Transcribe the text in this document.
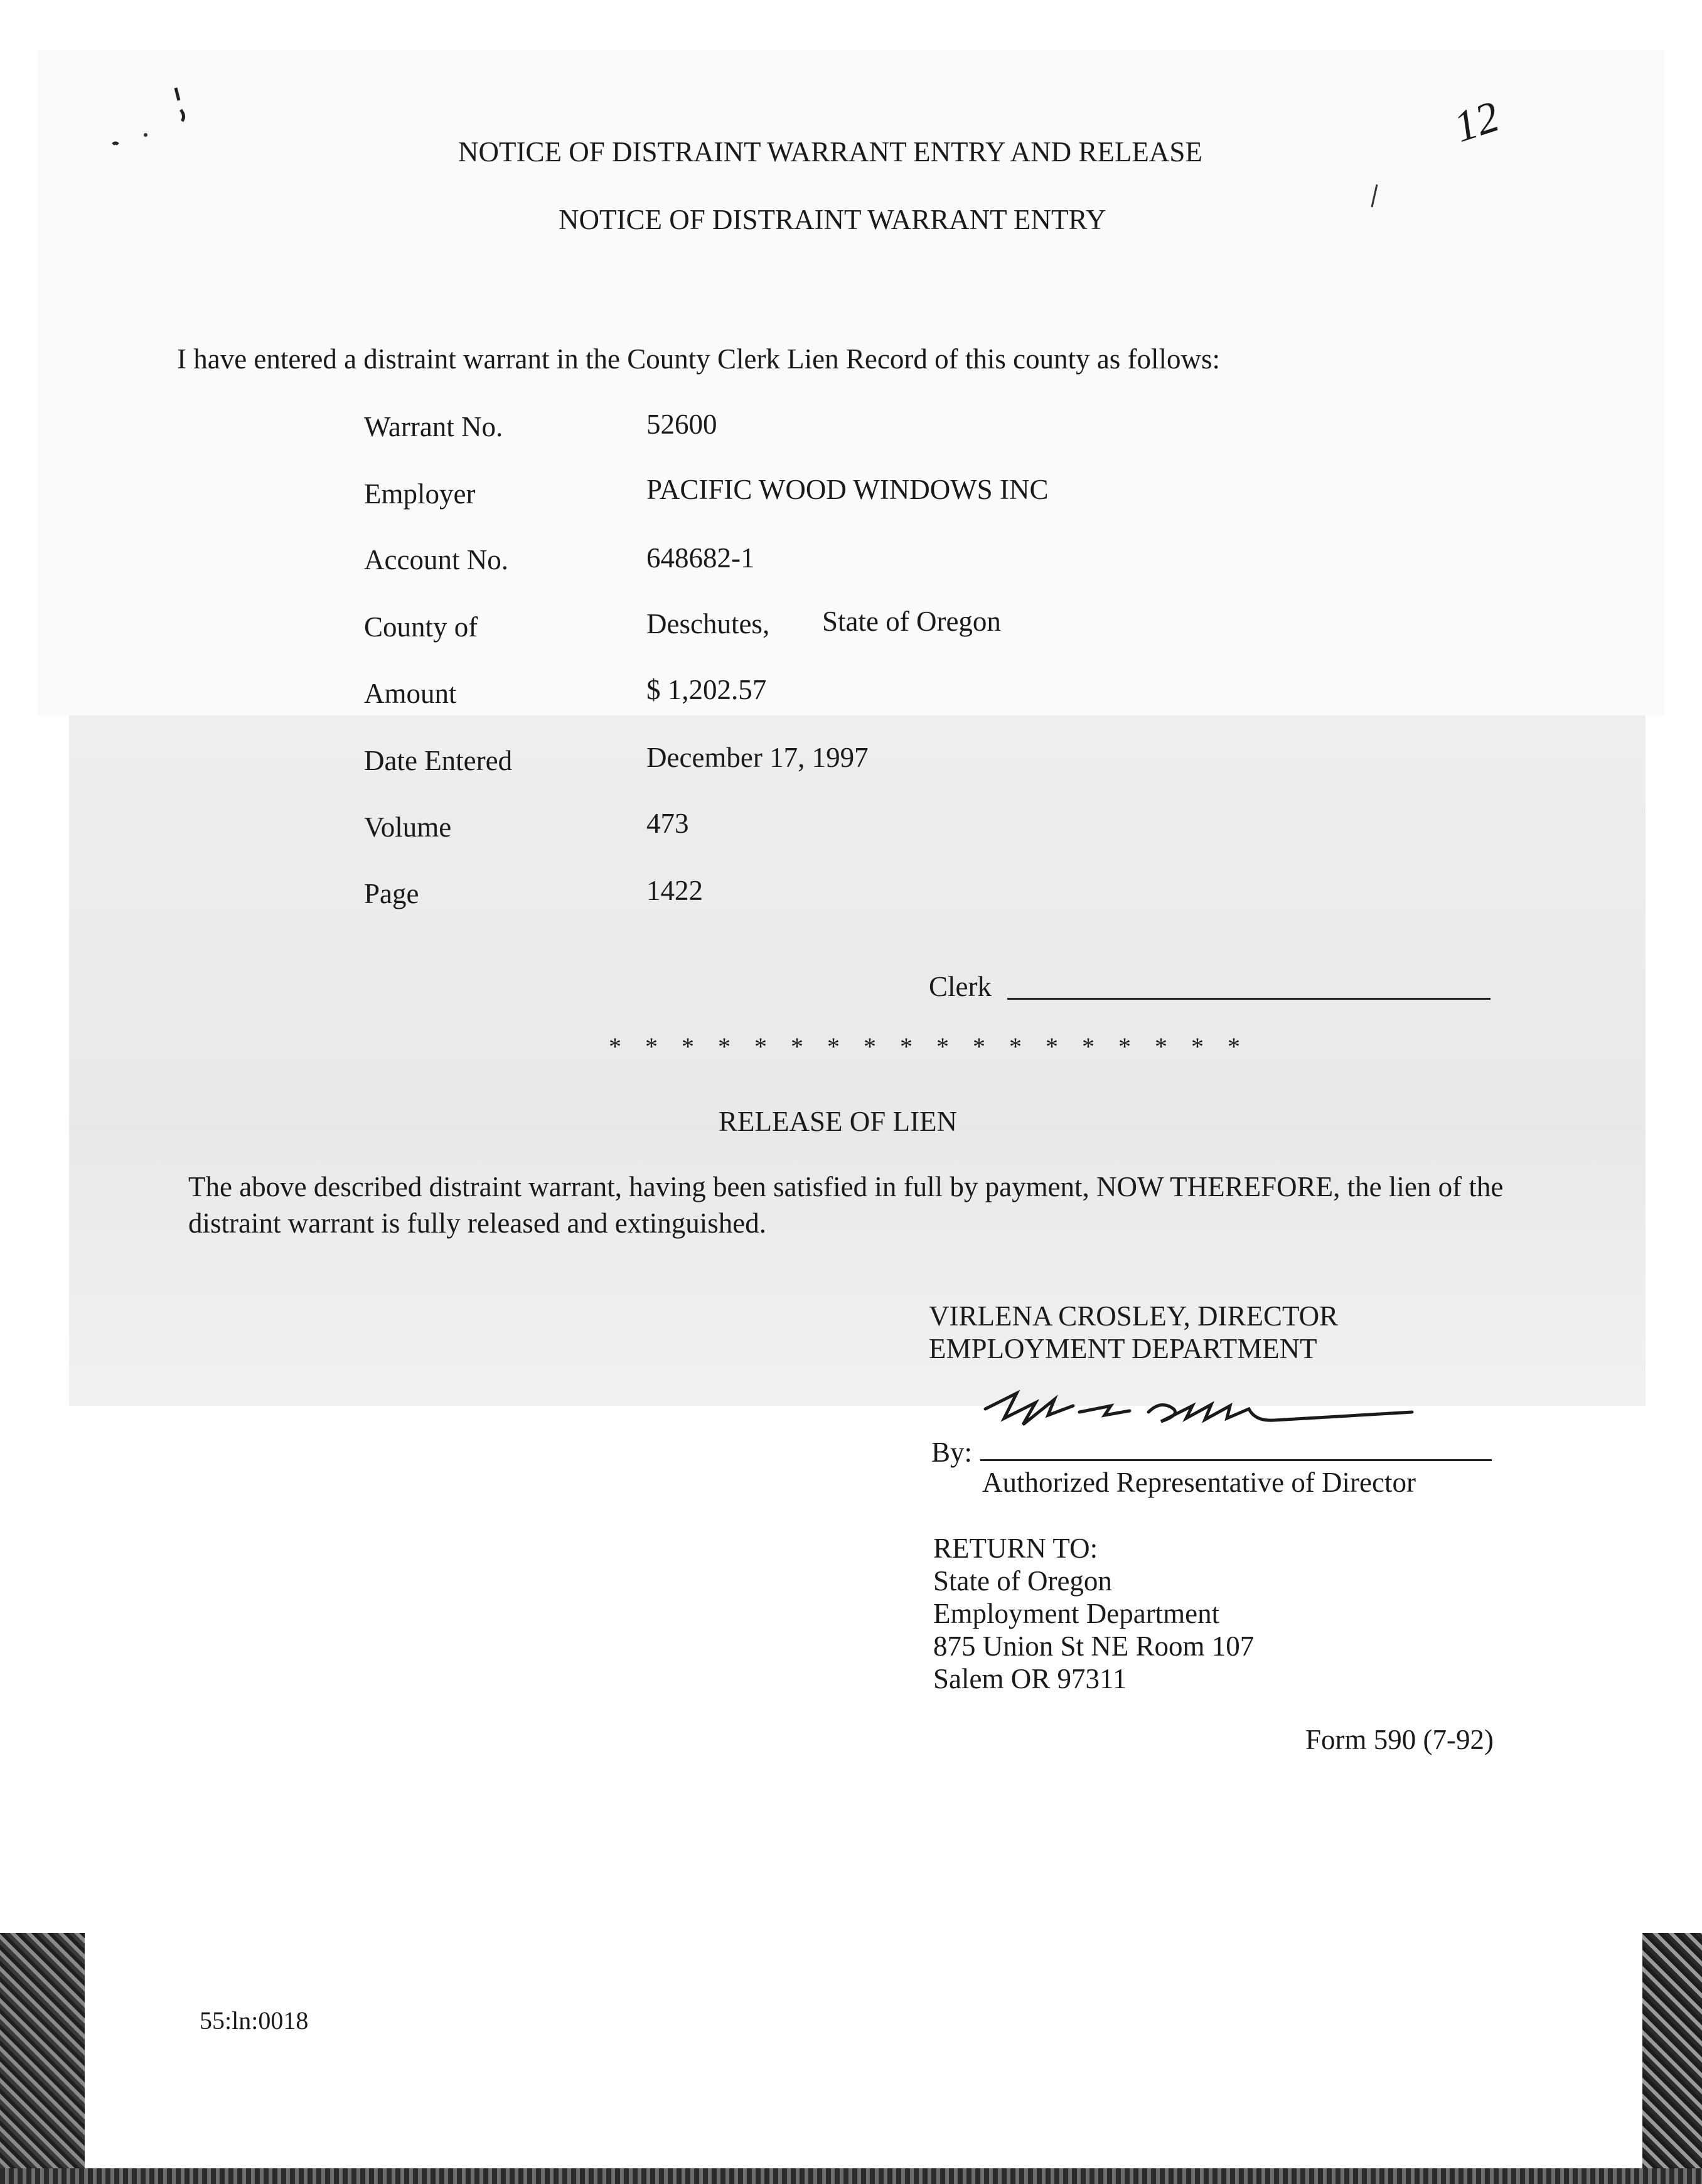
12
NOTICE OF DISTRAINT WARRANT ENTRY AND RELEASE
NOTICE OF DISTRAINT WARRANT ENTRY
I have entered a distraint warrant in the County Clerk Lien Record of this county as follows:
Warrant No.	52600
Employer	PACIFIC WOOD WINDOWS INC
Account No.	648682-1
County of	Deschutes, State of Oregon
Amount	$ 1,202.57
Date Entered	December 17, 1997
Volume	473
Page	1422
Clerk
* * * * * * * * * * * * * * * * * *
RELEASE OF LIEN
The above described distraint warrant, having been satisfied in full by payment, NOW THEREFORE, the lien of the distraint warrant is fully released and extinguished.
VIRLENA CROSLEY, DIRECTOR
EMPLOYMENT DEPARTMENT
By:
Authorized Representative of Director
RETURN TO:
State of Oregon
Employment Department
875 Union St NE Room 107
Salem OR 97311
Form 590 (7-92)
55:ln:0018
